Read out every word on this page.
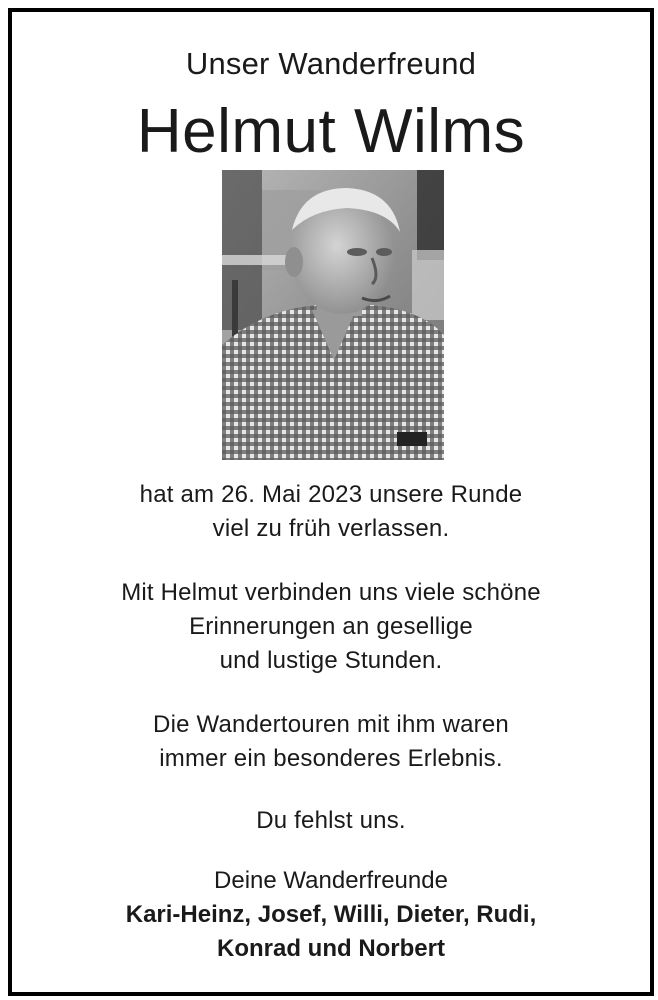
Unser Wanderfreund
Helmut Wilms
hat am 26. Mai 2023 unsere Runde
viel zu früh verlassen.
Mit Helmut verbinden uns viele schöne
Erinnerungen an gesellige
und lustige Stunden.
Die Wandertouren mit ihm waren
immer ein besonderes Erlebnis.
Du fehlst uns.
Deine Wanderfreunde
Kari-Heinz, Josef, Willi, Dieter, Rudi,
Konrad und Norbert
